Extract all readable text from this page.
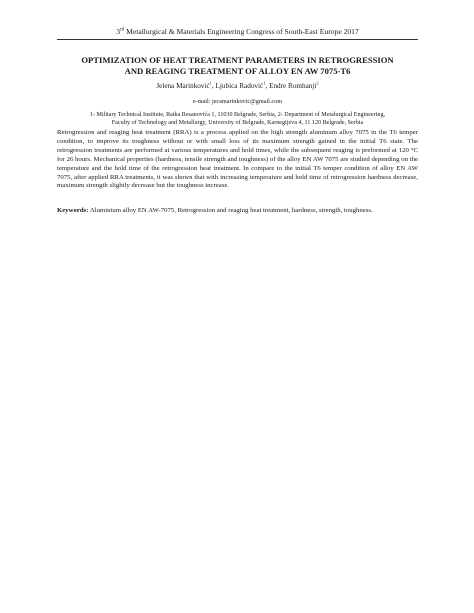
3rd Metallurgical & Materials Engineering Congress of South-East Europe 2017
OPTIMIZATION OF HEAT TREATMENT PARAMETERS IN RETROGRESSION
AND REAGING TREATMENT OF ALLOY EN AW 7075-T6
Jelena Marinković$^1$, Ljubica Radović$^1$, Endre Romhanji$^2$
e-mail: jecamarinkovic@gmail.com
1- Military Technical Institute, Ratka Resanovića 1, 11030 Belgrade, Serbia, 2- Department of Metalurgical Engineering,
Faculty of Technology and Metallurgy, University of Belgrade, Karnegijeva 4, 11 120 Belgrade, Serbia
Retrogression and reaging heat treatment (RRA) is a process applied on the high strength aluminum alloy 7075 in the T6 temper condition, to improve its toughness without or with small loss of its maximum strength gained in the initial T6 state. The retrogression treatments are performed at various temperatures and hold times, while the subsequent reaging is preformed at 120 °C for 26 hours. Mechanical properties (hardness, tensile strength and toughness) of the alloy EN AW 7075 are studied depending on the temperature and the hold time of the retrogression heat treatment. In compare to the initial T6 temper condition of alloy EN AW 7075, after applied RRA treatments, it was shown that with increasing temperature and hold time of retrogression hardness decrease, maximum strength slightly decrease but the toughness increase.
Keywords: Aluminium alloy EN AW-7075, Retrogression and reaging heat treatment, hardness, strength, toughness.
